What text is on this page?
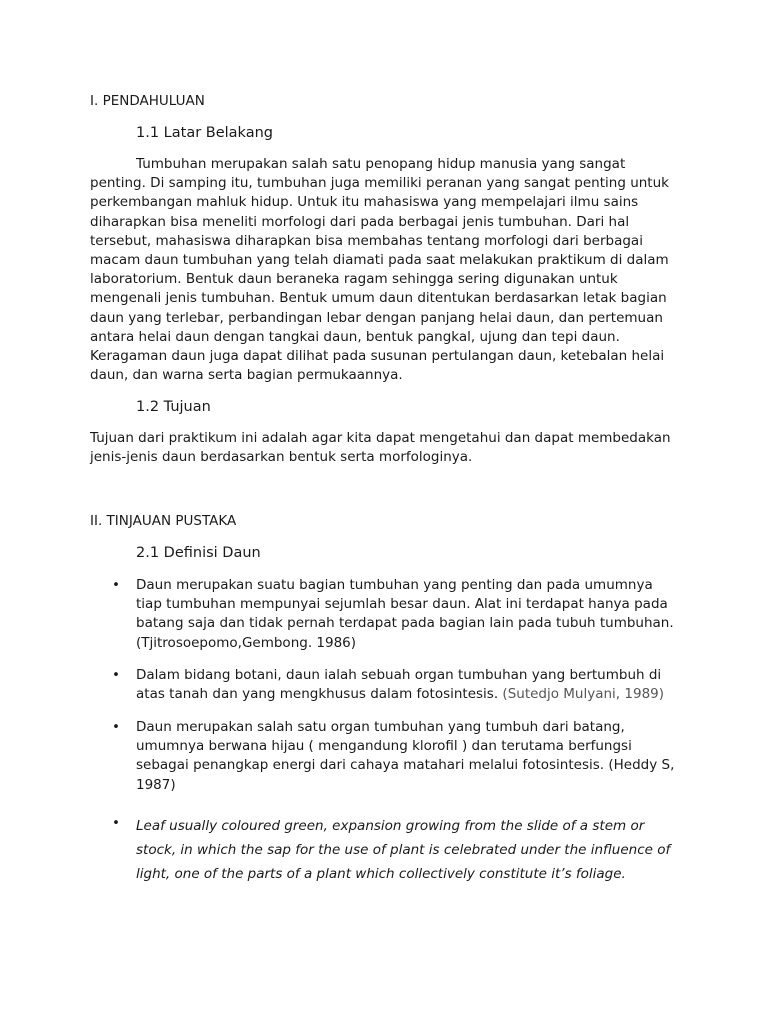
I. PENDAHULUAN
1.1 Latar Belakang

Tumbuhan merupakan salah satu penopang hidup manusia yang sangat penting. Di samping itu, tumbuhan juga memiliki peranan yang sangat penting untuk perkembangan mahluk hidup. Untuk itu mahasiswa yang mempelajari ilmu sains diharapkan bisa meneliti morfologi dari pada berbagai jenis tumbuhan. Dari hal tersebut, mahasiswa diharapkan bisa membahas tentang morfologi dari berbagai macam daun tumbuhan yang telah diamati pada saat melakukan praktikum di dalam laboratorium. Bentuk daun beraneka ragam sehingga sering digunakan untuk mengenali jenis tumbuhan. Bentuk umum daun ditentukan berdasarkan letak bagian daun yang terlebar, perbandingan lebar dengan panjang helai daun, dan pertemuan antara helai daun dengan tangkai daun, bentuk pangkal, ujung dan tepi daun. Keragaman daun juga dapat dilihat pada susunan pertulangan daun, ketebalan helai daun, dan warna serta bagian permukaannya.

1.2 Tujuan

Tujuan dari praktikum ini adalah agar kita dapat mengetahui dan dapat membedakan jenis-jenis daun berdasarkan bentuk serta morfologinya.

II. TINJAUAN PUSTAKA
2.1 Definisi Daun
• Daun merupakan suatu bagian tumbuhan yang penting dan pada umumnya tiap tumbuhan mempunyai sejumlah besar daun. Alat ini terdapat hanya pada batang saja dan tidak pernah terdapat pada bagian lain pada tubuh tumbuhan. (Tjitrosoepomo,Gembong. 1986)
• Dalam bidang botani, daun ialah sebuah organ tumbuhan yang bertumbuh di atas tanah dan yang mengkhusus dalam fotosintesis. (Sutedjo Mulyani, 1989)
• Daun merupakan salah satu organ tumbuhan yang tumbuh dari batang, umumnya berwana hijau ( mengandung klorofil ) dan terutama berfungsi sebagai penangkap energi dari cahaya matahari melalui fotosintesis. (Heddy S, 1987)
• Leaf usually coloured green, expansion growing from the slide of a stem or stock, in which the sap for the use of plant is celebrated under the influence of light, one of the parts of a plant which collectively constitute it’s foliage.
